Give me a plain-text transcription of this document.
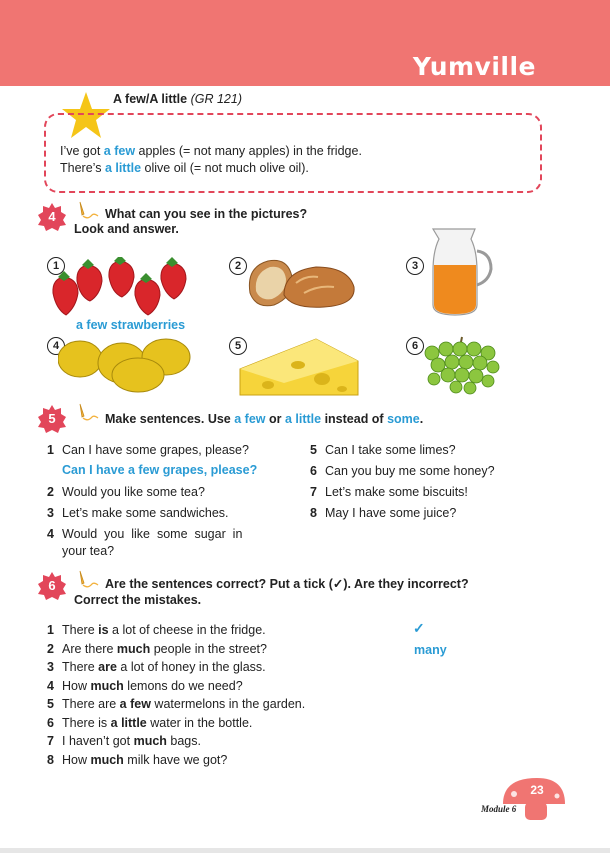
Yumville
A few/A little (GR 121)
I’ve got a few apples (= not many apples) in the fridge.
There’s a little olive oil (= not much olive oil).
4	What can you see in the pictures?
Look and answer.
1
a few strawberries
2	3
4	5	6
5	Make sentences. Use a few or a little instead of some.
1 Can I have some grapes, please?
Can I have a few grapes, please?
2 Would you like some tea?
3 Let’s make some sandwiches.
4 Would  you  like  some  sugar  in
your tea?
5 Can I take some limes?
6 Can you buy me some honey?
7 Let’s make some biscuits!
8 May I have some juice?
6	Are the sentences correct? Put a tick (✓). Are they incorrect?
Correct the mistakes.
1 There is a lot of cheese in the fridge.
2 Are there much people in the street?
3 There are a lot of honey in the glass.
4 How much lemons do we need?
5 There are a few watermelons in the garden.
6 There is a little water in the bottle.
7 I haven’t got much bags.
8 How much milk have we got?
✓
many
23
Module 6
